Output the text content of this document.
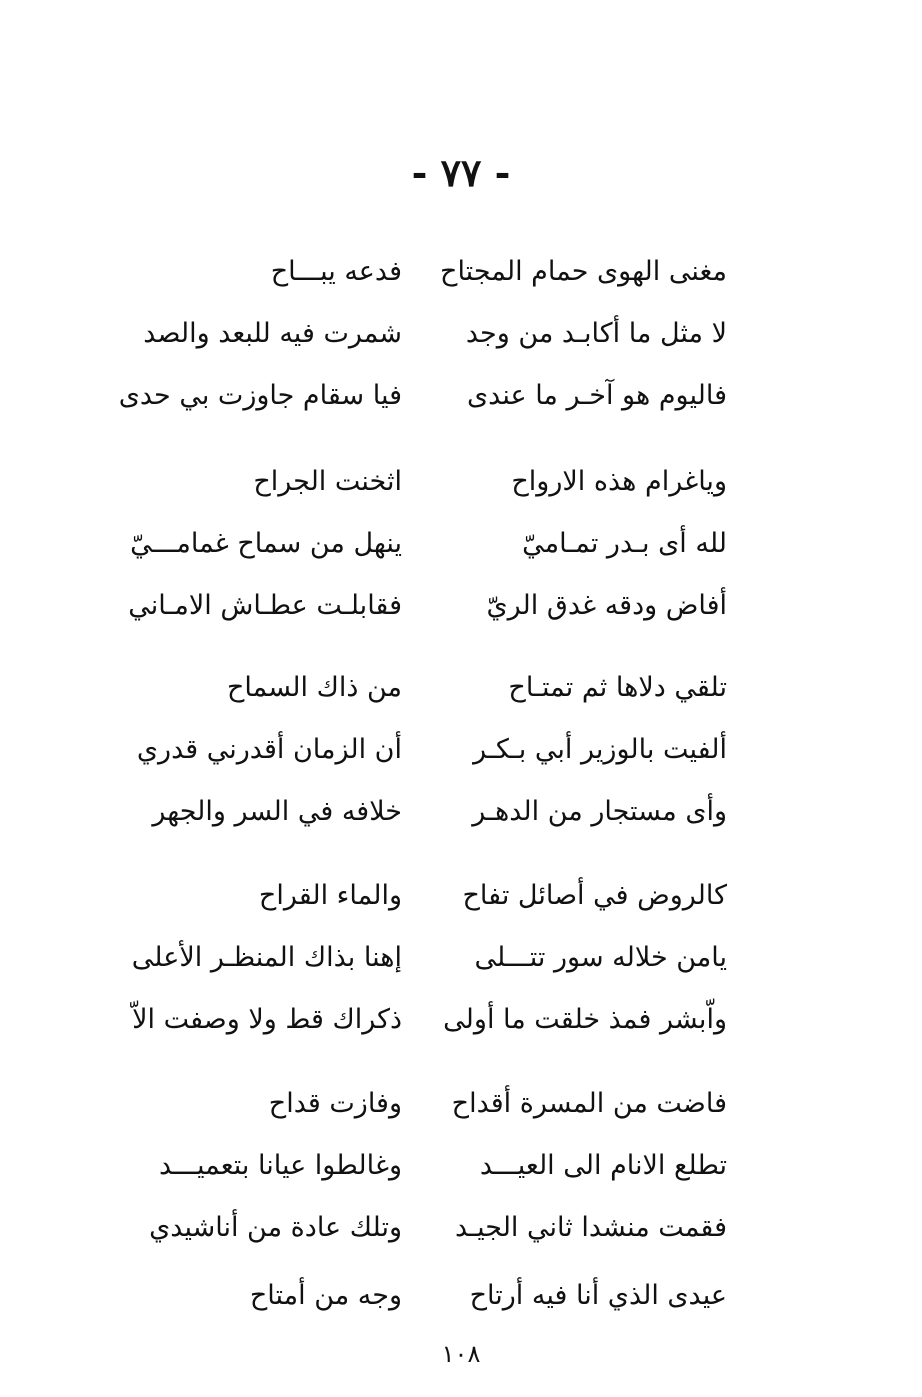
- ٧٧ -
مغنى الهوى حمام المجتاح
فدعه يبـــاح
لا مثل ما أكابـد من وجد
شمرت فيه للبعد والصد
فاليوم هو آخـر ما عندى
فيا سقام جاوزت بي حدى
وياغرام هذه الارواح
اثخنت الجراح
لله أى بـدر تمـاميّ
ينهل من سماح غمامـــيّ
أفاض ودقه غدق الريّ
فقابلـت عطـاش الامـاني
تلقي دلاها ثم تمتـاح
من ذاك السماح
ألفيت بالوزير أبي بـكـر
أن الزمان أقدرني قدري
وأى مستجار من الدهـر
خلافه في السر والجهر
كالروض في أصائل تفاح
والماء القراح
يامن خلاله سور تتـــلى
إهنا بذاك المنظـر الأعلى
واّبشر فمذ خلقت ما أولى
ذكراك قط ولا وصفت الاّ
فاضت من المسرة أقداح
وفازت قداح
تطلع الانام الى العيـــد
وغالطوا عيانا بتعميـــد
فقمت منشدا ثاني الجيـد
وتلك عادة من أناشيدي
عيدى الذي أنا فيه أرتاح
وجه من أمتاح
١٠٨
